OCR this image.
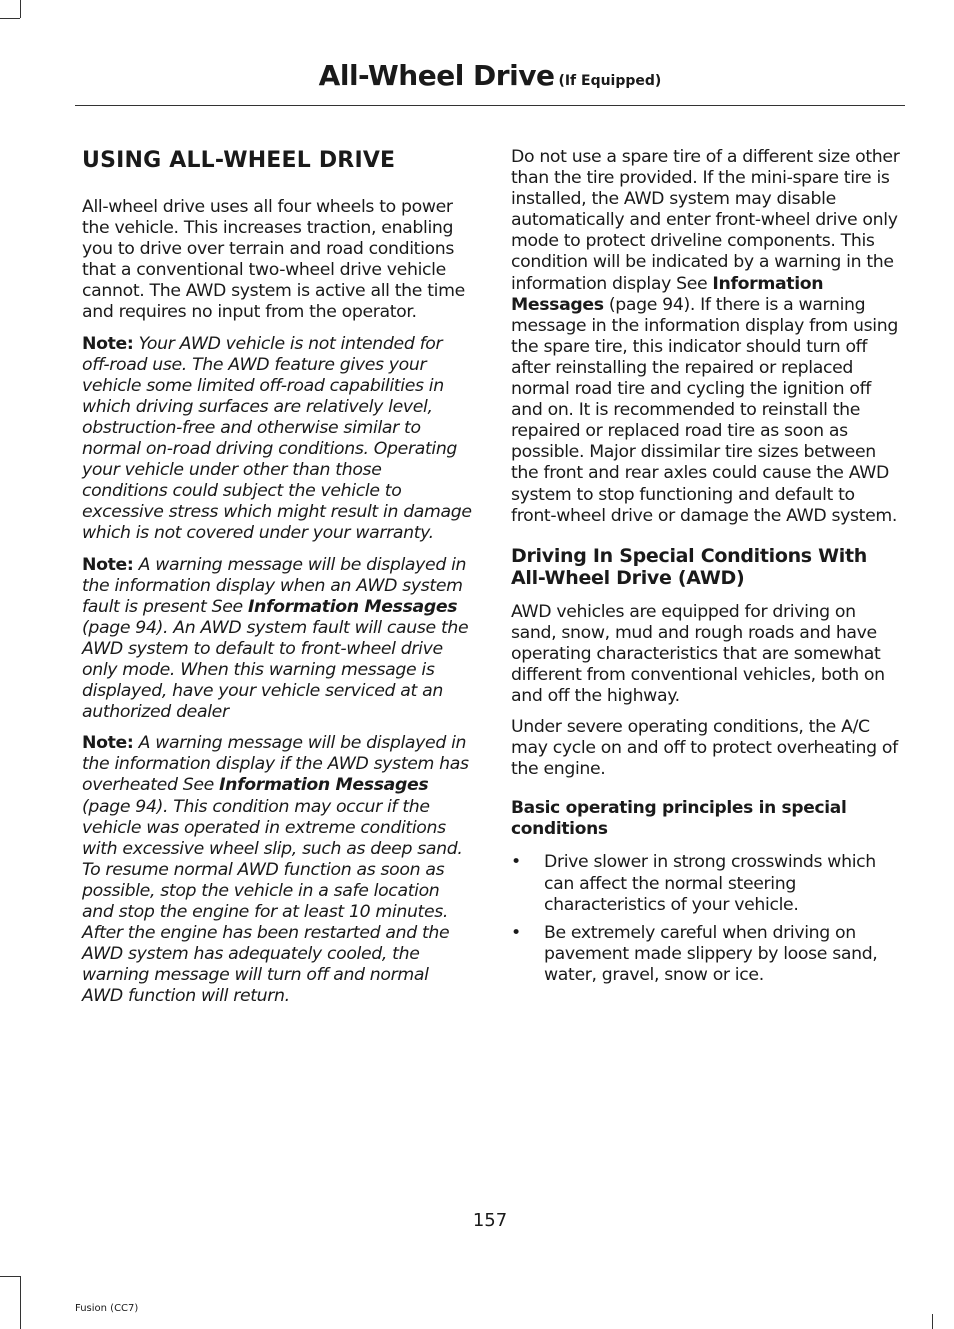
All-Wheel Drive (If Equipped)
USING ALL-WHEEL DRIVE

All-wheel drive uses all four wheels to power the vehicle. This increases traction, enabling you to drive over terrain and road conditions that a conventional two-wheel drive vehicle cannot. The AWD system is active all the time and requires no input from the operator.

Note: Your AWD vehicle is not intended for off-road use. The AWD feature gives your vehicle some limited off-road capabilities in which driving surfaces are relatively level, obstruction-free and otherwise similar to normal on-road driving conditions. Operating your vehicle under other than those conditions could subject the vehicle to excessive stress which might result in damage which is not covered under your warranty.

Note: A warning message will be displayed in the information display when an AWD system fault is present See Information Messages (page 94). An AWD system fault will cause the AWD system to default to front-wheel drive only mode. When this warning message is displayed, have your vehicle serviced at an authorized dealer

Note: A warning message will be displayed in the information display if the AWD system has overheated See Information Messages (page 94). This condition may occur if the vehicle was operated in extreme conditions with excessive wheel slip, such as deep sand. To resume normal AWD function as soon as possible, stop the vehicle in a safe location and stop the engine for at least 10 minutes. After the engine has been restarted and the AWD system has adequately cooled, the warning message will turn off and normal AWD function will return.

Do not use a spare tire of a different size other than the tire provided. If the mini-spare tire is installed, the AWD system may disable automatically and enter front-wheel drive only mode to protect driveline components. This condition will be indicated by a warning in the information display See Information Messages (page 94). If there is a warning message in the information display from using the spare tire, this indicator should turn off after reinstalling the repaired or replaced normal road tire and cycling the ignition off and on. It is recommended to reinstall the repaired or replaced road tire as soon as possible. Major dissimilar tire sizes between the front and rear axles could cause the AWD system to stop functioning and default to front-wheel drive or damage the AWD system.

Driving In Special Conditions With All-Wheel Drive (AWD)

AWD vehicles are equipped for driving on sand, snow, mud and rough roads and have operating characteristics that are somewhat different from conventional vehicles, both on and off the highway.

Under severe operating conditions, the A/C may cycle on and off to protect overheating of the engine.

Basic operating principles in special conditions
• Drive slower in strong crosswinds which can affect the normal steering characteristics of your vehicle.
• Be extremely careful when driving on pavement made slippery by loose sand, water, gravel, snow or ice.
157
Fusion (CC7)
